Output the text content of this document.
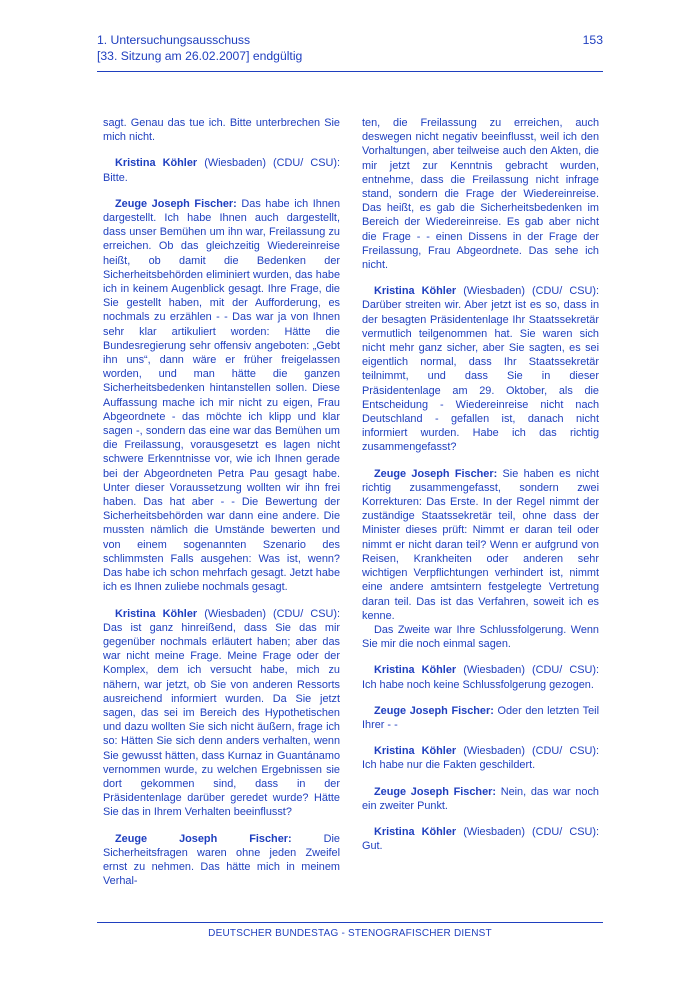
1. Untersuchungsausschuss
[33. Sitzung am 26.02.2007] endgültig
153

sagt. Genau das tue ich. Bitte unterbrechen Sie mich nicht.

Kristina Köhler (Wiesbaden) (CDU/ CSU): Bitte.

Zeuge Joseph Fischer: Das habe ich Ihnen dargestellt. Ich habe Ihnen auch dargestellt, dass unser Bemühen um ihn war, Freilassung zu erreichen. Ob das gleichzeitig Wiedereinreise heißt, ob damit die Bedenken der Sicherheitsbehörden eliminiert wurden, das habe ich in keinem Augenblick gesagt. Ihre Frage, die Sie gestellt haben, mit der Aufforderung, es nochmals zu erzählen - - Das war ja von Ihnen sehr klar artikuliert worden: Hätte die Bundesregierung sehr offensiv angeboten: „Gebt ihn uns“, dann wäre er früher freigelassen worden, und man hätte die ganzen Sicherheitsbedenken hintanstellen sollen. Diese Auffassung mache ich mir nicht zu eigen, Frau Abgeordnete - das möchte ich klipp und klar sagen -, sondern das eine war das Bemühen um die Freilassung, vorausgesetzt es lagen nicht schwere Erkenntnisse vor, wie ich Ihnen gerade bei der Abgeordneten Petra Pau gesagt habe. Unter dieser Voraussetzung wollten wir ihn frei haben. Das hat aber - - Die Bewertung der Sicherheitsbehörden war dann eine andere. Die mussten nämlich die Umstände bewerten und von einem sogenannten Szenario des schlimmsten Falls ausgehen: Was ist, wenn? Das habe ich schon mehrfach gesagt. Jetzt habe ich es Ihnen zuliebe nochmals gesagt.

Kristina Köhler (Wiesbaden) (CDU/ CSU): Das ist ganz hinreißend, dass Sie das mir gegenüber nochmals erläutert haben; aber das war nicht meine Frage. Meine Frage oder der Komplex, dem ich versucht habe, mich zu nähern, war jetzt, ob Sie von anderen Ressorts ausreichend informiert wurden. Da Sie jetzt sagen, das sei im Bereich des Hypothetischen und dazu wollten Sie sich nicht äußern, frage ich so: Hätten Sie sich denn anders verhalten, wenn Sie gewusst hätten, dass Kurnaz in Guantánamo vernommen wurde, zu welchen Ergebnissen sie dort gekommen sind, dass in der Präsidentenlage darüber geredet wurde? Hätte Sie das in Ihrem Verhalten beeinflusst?

Zeuge Joseph Fischer: Die Sicherheitsfragen waren ohne jeden Zweifel ernst zu nehmen. Das hätte mich in meinem Verhal-

ten, die Freilassung zu erreichen, auch deswegen nicht negativ beeinflusst, weil ich den Vorhaltungen, aber teilweise auch den Akten, die mir jetzt zur Kenntnis gebracht wurden, entnehme, dass die Freilassung nicht infrage stand, sondern die Frage der Wiedereinreise. Das heißt, es gab die Sicherheitsbedenken im Bereich der Wiedereinreise. Es gab aber nicht die Frage - - einen Dissens in der Frage der Freilassung, Frau Abgeordnete. Das sehe ich nicht.

Kristina Köhler (Wiesbaden) (CDU/ CSU): Darüber streiten wir. Aber jetzt ist es so, dass in der besagten Präsidentenlage Ihr Staatssekretär vermutlich teilgenommen hat. Sie waren sich nicht mehr ganz sicher, aber Sie sagten, es sei eigentlich normal, dass Ihr Staatssekretär teilnimmt, und dass Sie in dieser Präsidentenlage am 29. Oktober, als die Entscheidung - Wiedereinreise nicht nach Deutschland - gefallen ist, danach nicht informiert wurden. Habe ich das richtig zusammengefasst?

Zeuge Joseph Fischer: Sie haben es nicht richtig zusammengefasst, sondern zwei Korrekturen: Das Erste. In der Regel nimmt der zuständige Staatssekretär teil, ohne dass der Minister dieses prüft: Nimmt er daran teil oder nimmt er nicht daran teil? Wenn er aufgrund von Reisen, Krankheiten oder anderen sehr wichtigen Verpflichtungen verhindert ist, nimmt eine andere amtsintern festgelegte Vertretung daran teil. Das ist das Verfahren, soweit ich es kenne.

Das Zweite war Ihre Schlussfolgerung. Wenn Sie mir die noch einmal sagen.

Kristina Köhler (Wiesbaden) (CDU/ CSU): Ich habe noch keine Schlussfolgerung gezogen.

Zeuge Joseph Fischer: Oder den letzten Teil Ihrer - -

Kristina Köhler (Wiesbaden) (CDU/ CSU): Ich habe nur die Fakten geschildert.

Zeuge Joseph Fischer: Nein, das war noch ein zweiter Punkt.

Kristina Köhler (Wiesbaden) (CDU/ CSU): Gut.

DEUTSCHER BUNDESTAG - STENOGRAFISCHER DIENST
